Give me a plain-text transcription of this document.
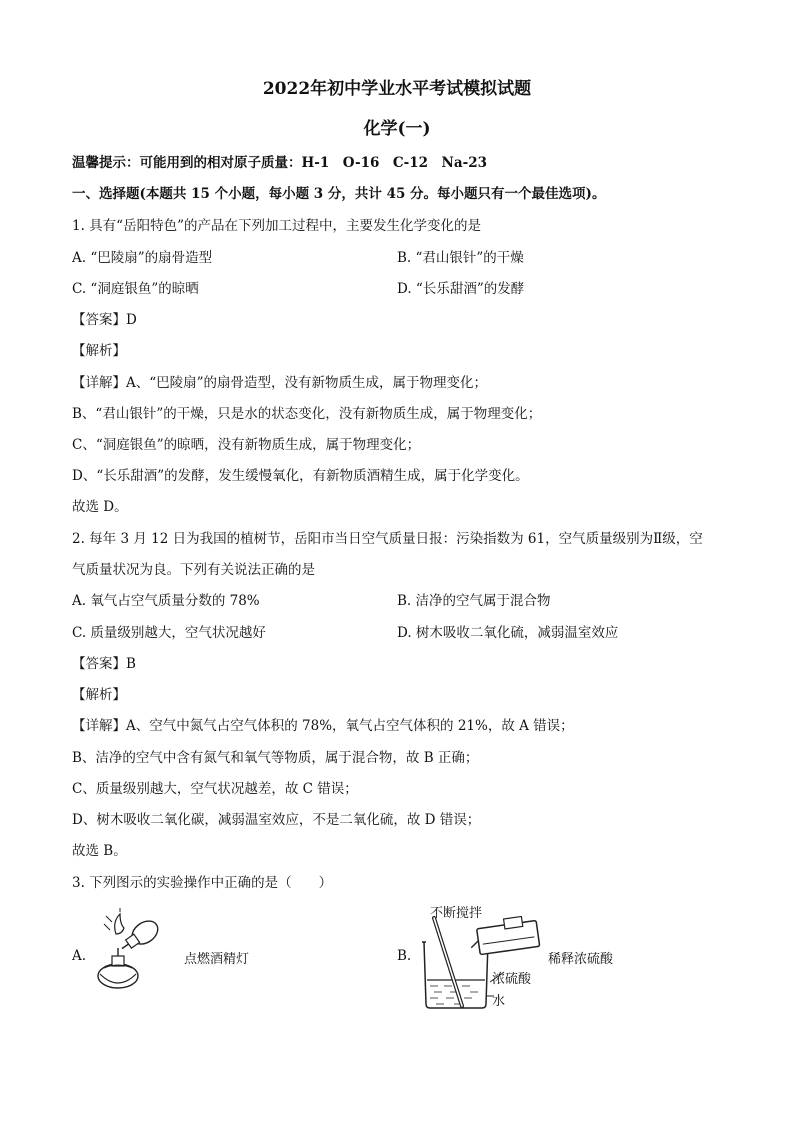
2022年初中学业水平考试模拟试题
化学(一)
温馨提示：可能用到的相对原子质量：H-1　O-16　C-12　Na-23
一、选择题(本题共 15 个小题，每小题 3 分，共计 45 分。每小题只有一个最佳选项)。
1. 具有“岳阳特色”的产品在下列加工过程中，主要发生化学变化的是
A. “巴陵扇”的扇骨造型	B. “君山银针”的干燥
C. “洞庭银鱼”的晾晒	D. “长乐甜酒”的发酵
【答案】D
【解析】
【详解】A、“巴陵扇”的扇骨造型，没有新物质生成，属于物理变化；
B、“君山银针”的干燥，只是水的状态变化，没有新物质生成，属于物理变化；
C、“洞庭银鱼”的晾晒，没有新物质生成，属于物理变化；
D、“长乐甜酒”的发酵，发生缓慢氧化，有新物质酒精生成，属于化学变化。
故选 D。
2. 每年 3 月 12 日为我国的植树节，岳阳市当日空气质量日报：污染指数为 61，空气质量级别为Ⅱ级，空
气质量状况为良。下列有关说法正确的是
A. 氧气占空气质量分数的 78%	B. 洁净的空气属于混合物
C. 质量级别越大，空气状况越好	D. 树木吸收二氧化硫，减弱温室效应
【答案】B
【解析】
【详解】A、空气中氮气占空气体积的 78%，氧气占空气体积的 21%，故 A 错误；
B、洁净的空气中含有氮气和氧气等物质，属于混合物，故 B 正确；
C、质量级别越大，空气状况越差，故 C 错误；
D、树木吸收二氧化碳，减弱温室效应，不是二氧化硫，故 D 错误；
故选 B。
3. 下列图示的实验操作中正确的是（　　）
A.	点燃酒精灯	B.
不断搅拌
稀释浓硫酸
浓硫酸
水
